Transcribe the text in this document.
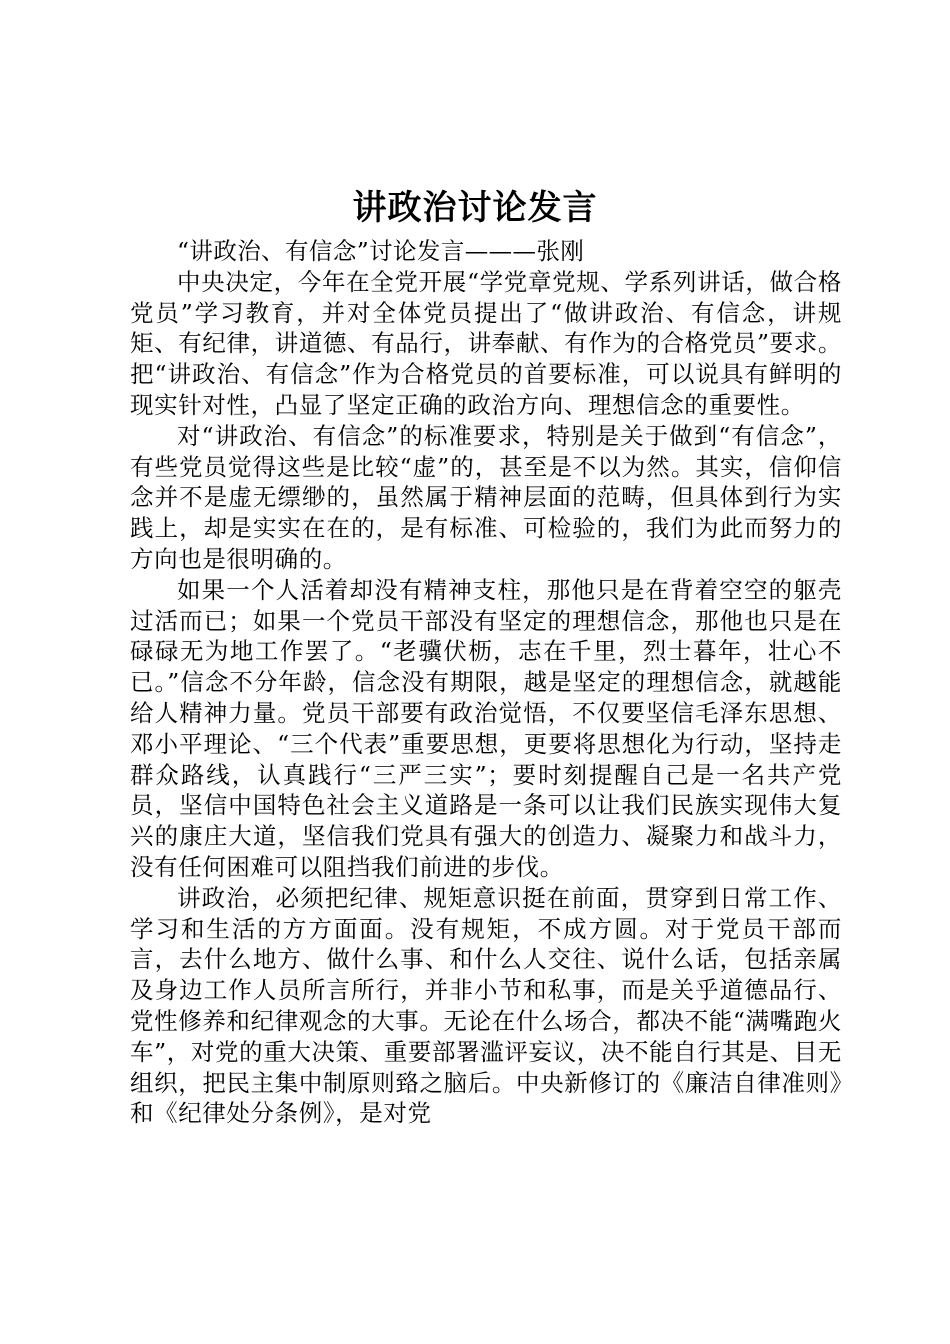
讲政治讨论发言

“讲政治、有信念”讨论发言———张刚

中央决定，今年在全党开展“学党章党规、学系列讲话，做合格党员”学习教育，并对全体党员提出了“做讲政治、有信念，讲规矩、有纪律，讲道德、有品行，讲奉献、有作为的合格党员”要求。把“讲政治、有信念”作为合格党员的首要标准，可以说具有鲜明的现实针对性，凸显了坚定正确的政治方向、理想信念的重要性。

对“讲政治、有信念”的标准要求，特别是关于做到“有信念”，有些党员觉得这些是比较“虚”的，甚至是不以为然。其实，信仰信念并不是虚无缥缈的，虽然属于精神层面的范畴，但具体到行为实践上，却是实实在在的，是有标准、可检验的，我们为此而努力的方向也是很明确的。

如果一个人活着却没有精神支柱，那他只是在背着空空的躯壳过活而已；如果一个党员干部没有坚定的理想信念，那他也只是在碌碌无为地工作罢了。“老骥伏枥，志在千里，烈士暮年，壮心不已。”信念不分年龄，信念没有期限，越是坚定的理想信念，就越能给人精神力量。党员干部要有政治觉悟，不仅要坚信毛泽东思想、邓小平理论、“三个代表”重要思想，更要将思想化为行动，坚持走群众路线，认真践行“三严三实”；要时刻提醒自己是一名共产党员，坚信中国特色社会主义道路是一条可以让我们民族实现伟大复兴的康庄大道，坚信我们党具有强大的创造力、凝聚力和战斗力，没有任何困难可以阻挡我们前进的步伐。

讲政治，必须把纪律、规矩意识挺在前面，贯穿到日常工作、学习和生活的方方面面。没有规矩，不成方圆。对于党员干部而言，去什么地方、做什么事、和什么人交往、说什么话，包括亲属及身边工作人员所言所行，并非小节和私事，而是关乎道德品行、党性修养和纪律观念的大事。无论在什么场合，都决不能“满嘴跑火车”，对党的重大决策、重要部署滥评妄议，决不能自行其是、目无组织，把民主集中制原则臵之脑后。中央新修订的《廉洁自律准则》和《纪律处分条例》，是对党
